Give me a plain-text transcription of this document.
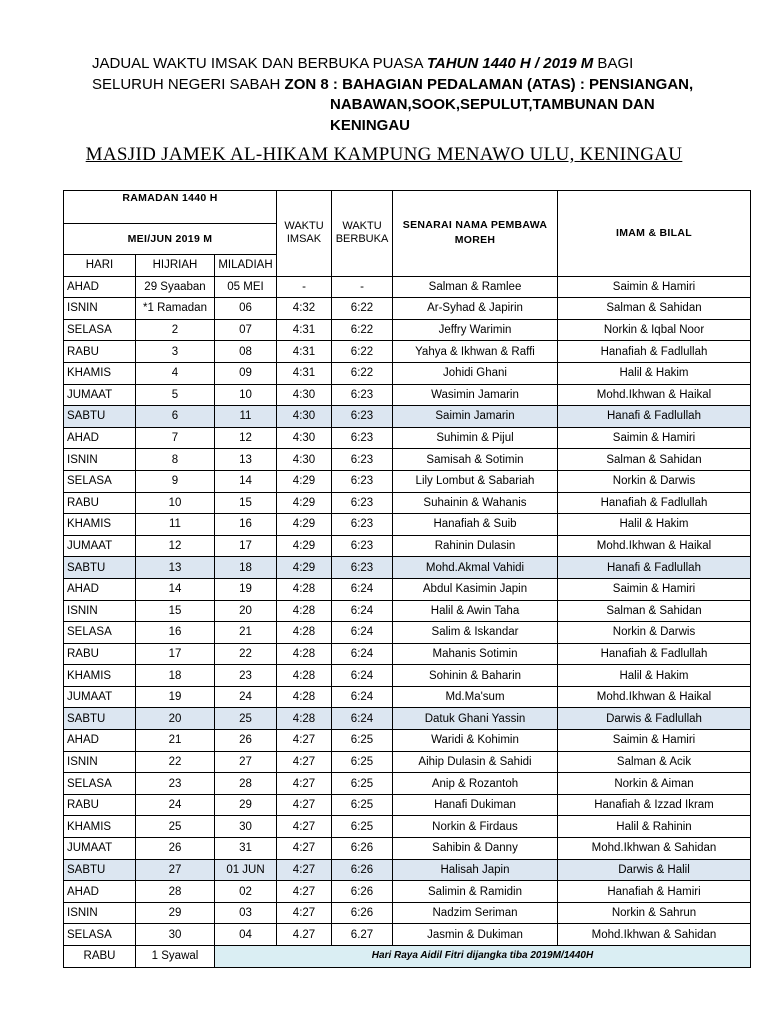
JADUAL WAKTU IMSAK DAN BERBUKA PUASA TAHUN 1440 H / 2019 M BAGI
SELURUH NEGERI SABAH ZON 8 : BAHAGIAN PEDALAMAN (ATAS) : PENSIANGAN,
NABAWAN,SOOK,SEPULUT,TAMBUNAN DAN
KENINGAU
MASJID JAMEK AL-HIKAM KAMPUNG MENAWO ULU, KENINGAU
RAMADAN 1440 H			WAKTU IMSAK	WAKTU BERBUKA	SENARAI NAMA PEMBAWA MOREH	IMAM & BILAL
MEI/JUN 2019 M						
HARI	HIJRIAH	MILADIAH				
AHAD	29 Syaaban	05 MEI	-	-	Salman & Ramlee	Saimin & Hamiri
ISNIN	*1 Ramadan	06	4:32	6:22	Ar-Syhad & Japirin	Salman & Sahidan
SELASA	2	07	4:31	6:22	Jeffry Warimin	Norkin & Iqbal Noor
RABU	3	08	4:31	6:22	Yahya & Ikhwan & Raffi	Hanafiah & Fadlullah
KHAMIS	4	09	4:31	6:22	Johidi Ghani	Halil & Hakim
JUMAAT	5	10	4:30	6:23	Wasimin Jamarin	Mohd.Ikhwan & Haikal
SABTU	6	11	4:30	6:23	Saimin Jamarin	Hanafi & Fadlullah
AHAD	7	12	4:30	6:23	Suhimin & Pijul	Saimin & Hamiri
ISNIN	8	13	4:30	6:23	Samisah & Sotimin	Salman & Sahidan
SELASA	9	14	4:29	6:23	Lily Lombut & Sabariah	Norkin & Darwis
RABU	10	15	4:29	6:23	Suhainin & Wahanis	Hanafiah & Fadlullah
KHAMIS	11	16	4:29	6:23	Hanafiah & Suib	Halil & Hakim
JUMAAT	12	17	4:29	6:23	Rahinin Dulasin	Mohd.Ikhwan & Haikal
SABTU	13	18	4:29	6:23	Mohd.Akmal Vahidi	Hanafi & Fadlullah
AHAD	14	19	4:28	6:24	Abdul Kasimin Japin	Saimin & Hamiri
ISNIN	15	20	4:28	6:24	Halil & Awin Taha	Salman & Sahidan
SELASA	16	21	4:28	6:24	Salim & Iskandar	Norkin & Darwis
RABU	17	22	4:28	6:24	Mahanis Sotimin	Hanafiah & Fadlullah
KHAMIS	18	23	4:28	6:24	Sohinin & Baharin	Halil & Hakim
JUMAAT	19	24	4:28	6:24	Md.Ma'sum	Mohd.Ikhwan & Haikal
SABTU	20	25	4:28	6:24	Datuk Ghani Yassin	Darwis & Fadlullah
AHAD	21	26	4:27	6:25	Waridi & Kohimin	Saimin & Hamiri
ISNIN	22	27	4:27	6:25	Aihip Dulasin & Sahidi	Salman & Acik
SELASA	23	28	4:27	6:25	Anip & Rozantoh	Norkin & Aiman
RABU	24	29	4:27	6:25	Hanafi Dukiman	Hanafiah & Izzad Ikram
KHAMIS	25	30	4:27	6:25	Norkin & Firdaus	Halil & Rahinin
JUMAAT	26	31	4:27	6:26	Sahibin & Danny	Mohd.Ikhwan & Sahidan
SABTU	27	01 JUN	4:27	6:26	Halisah Japin	Darwis & Halil
AHAD	28	02	4:27	6:26	Salimin & Ramidin	Hanafiah & Hamiri
ISNIN	29	03	4:27	6:26	Nadzim Seriman	Norkin & Sahrun
SELASA	30	04	4.27	6.27	Jasmin & Dukiman	Mohd.Ikhwan & Sahidan
RABU	1 Syawal	Hari Raya Aidil Fitri dijangka tiba 2019M/1440H				
